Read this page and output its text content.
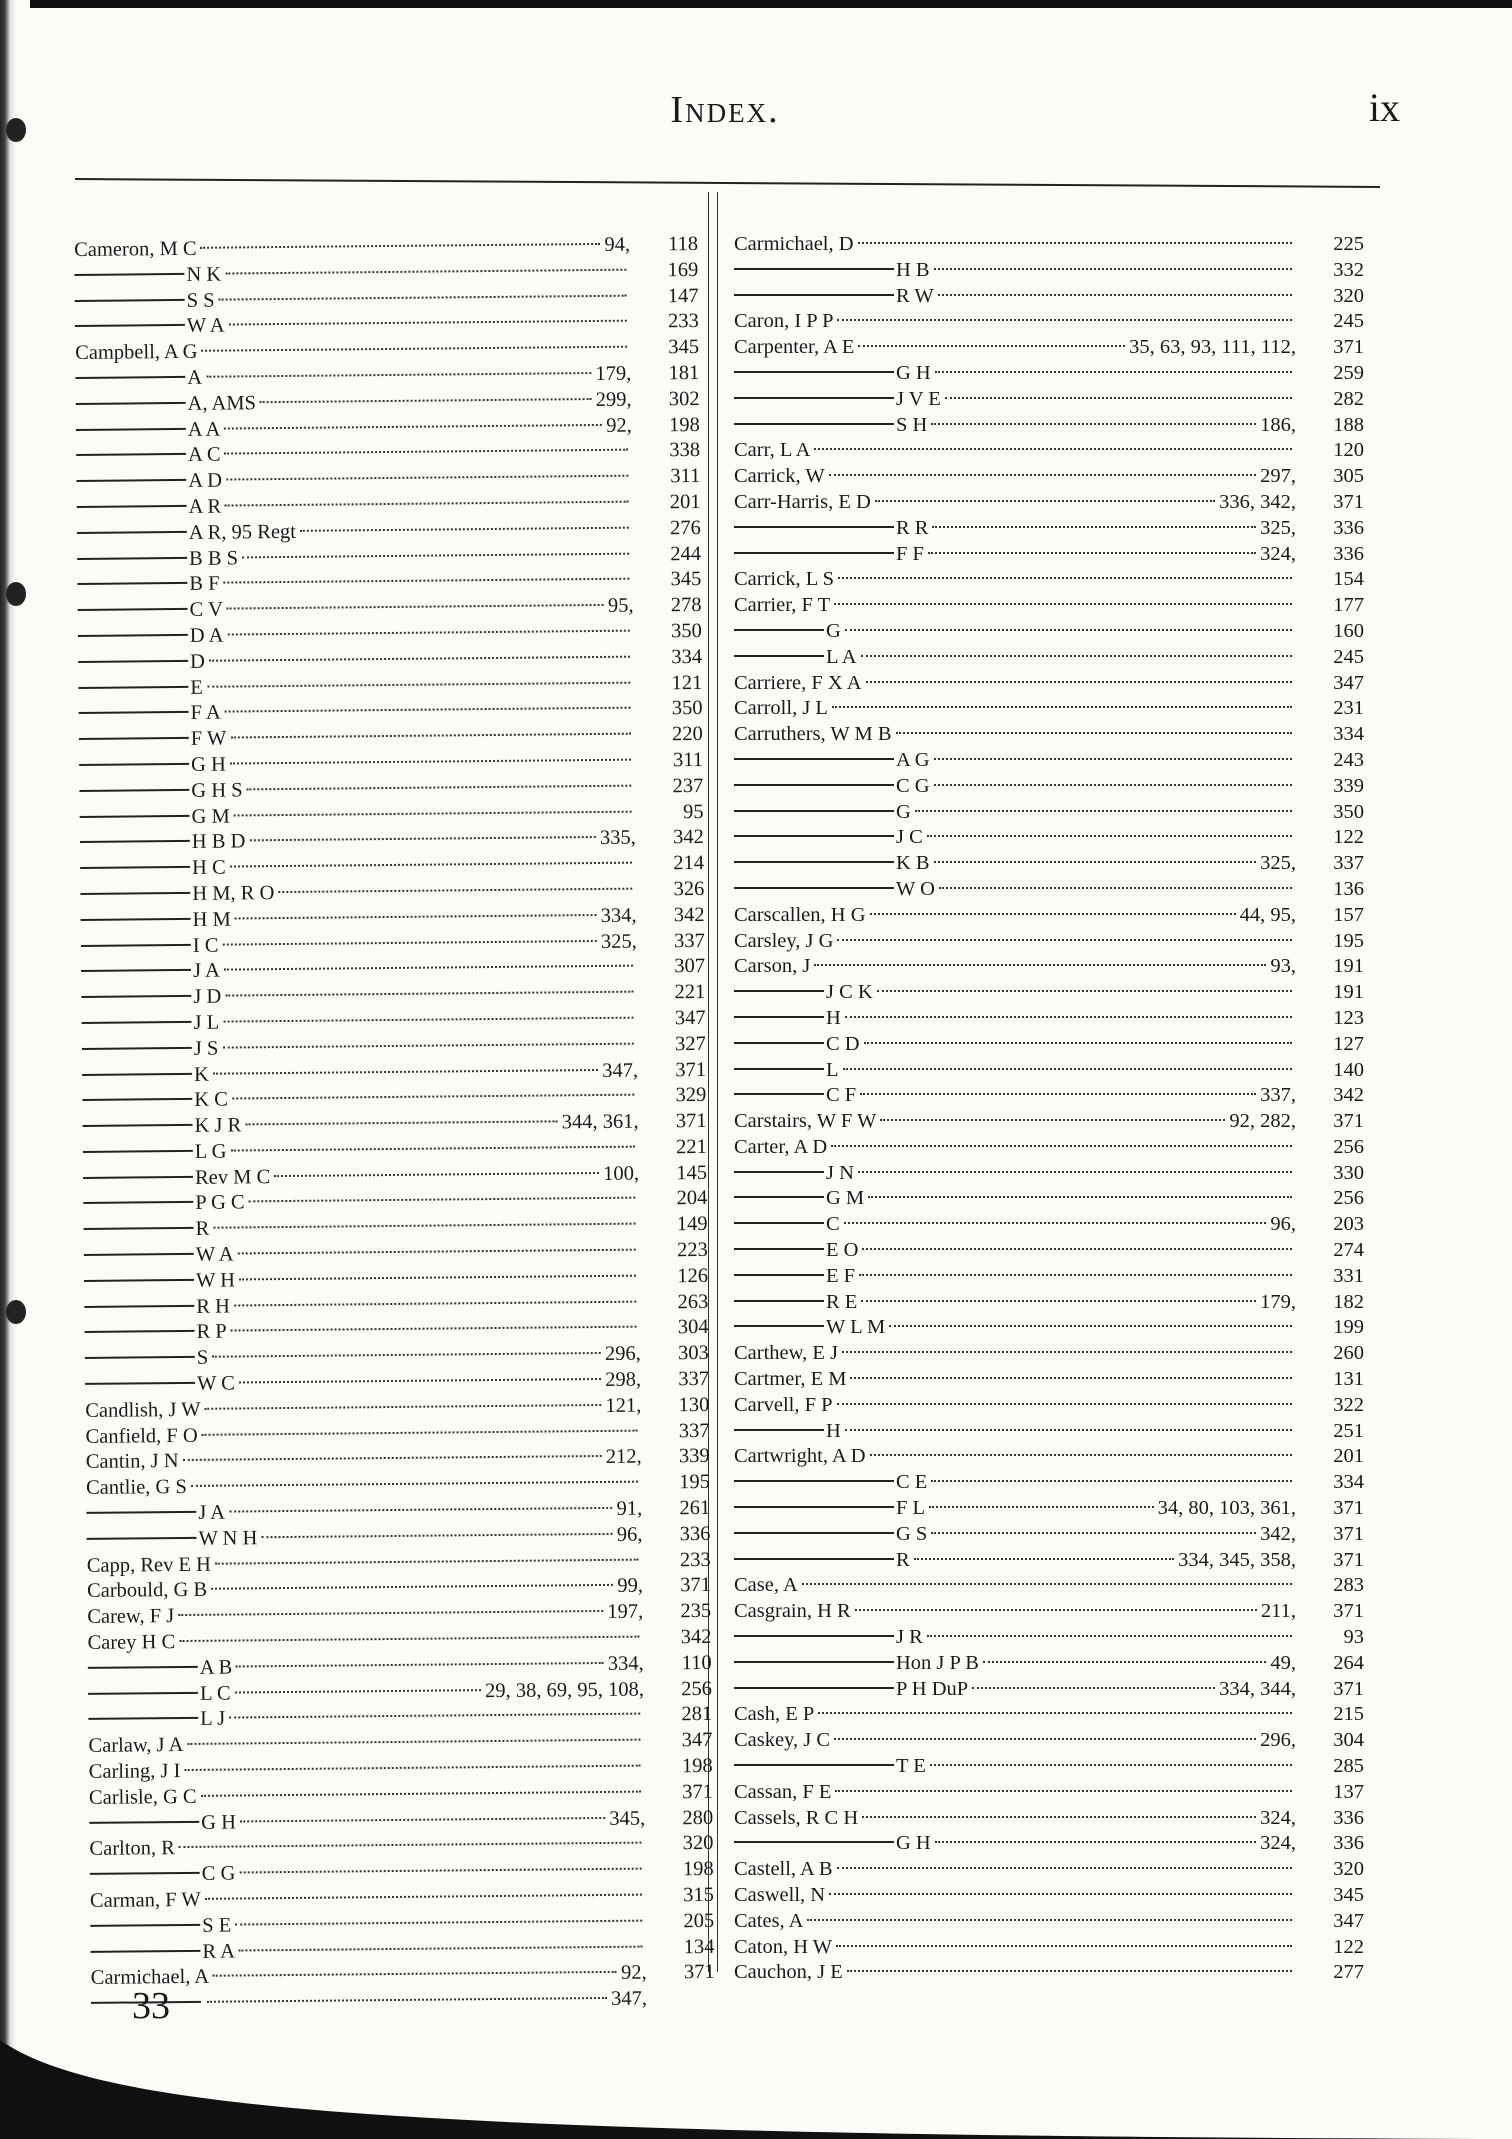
Index.	ix
Cameron, M C	94,	118
N K	169
S S	147
W A	233
Campbell, A G	345
A	179,	181
A, AMS	299,	302
A A	92,	198
A C	338
A D	311
A R	201
A R, 95 Regt	276
B B S	244
B F	345
C V	95,	278
D A	350
D	334
E	121
F A	350
F W	220
G H	311
G H S	237
G M	95
H B D	335,	342
H C	214
H M, R O	326
H M	334,	342
I C	325,	337
J A	307
J D	221
J L	347
J S	327
K	347,	371
K C	329
K J R	344, 361,	371
L G	221
Rev M C	100,	145
P G C	204
R	149
W A	223
W H	126
R H	263
R P	304
S	296,	303
W C	298,	337
Candlish, J W	121,	130
Canfield, F O	337
Cantin, J N	212,	339
Cantlie, G S	195
J A	91,	261
W N H	96,	336
Capp, Rev E H	233
Carbould, G B	99,	371
Carew, F J	197,	235
Carey H C	342
A B	334,	110
L C	29, 38, 69, 95, 108,	256
L J	281
Carlaw, J A	347
Carling, J I	198
Carlisle, G C	371
G H	345,	280
Carlton, R	320
C G	198
Carman, F W	315
S E	205
R A	134
Carmichael, A	92,	371
347,
Carmichael, D	225
H B	332
R W	320
Caron, I P P	245
Carpenter, A E	35, 63, 93, 111, 112,	371
G H	259
J V E	282
S H	186,	188
Carr, L A	120
Carrick, W	297,	305
Carr-Harris, E D	336, 342,	371
R R	325,	336
F F	324,	336
Carrick, L S	154
Carrier, F T	177
G	160
L A	245
Carriere, F X A	347
Carroll, J L	231
Carruthers, W M B	334
A G	243
C G	339
G	350
J C	122
K B	325,	337
W O	136
Carscallen, H G	44, 95,	157
Carsley, J G	195
Carson, J	93,	191
J C K	191
H	123
C D	127
L	140
C F	337,	342
Carstairs, W F W	92, 282,	371
Carter, A D	256
J N	330
G M	256
C	96,	203
E O	274
E F	331
R E	179,	182
W L M	199
Carthew, E J	260
Cartmer, E M	131
Carvell, F P	322
H	251
Cartwright, A D	201
C E	334
F L	34, 80, 103, 361,	371
G S	342,	371
R	334, 345, 358,	371
Case, A	283
Casgrain, H R	211,	371
J R	93
Hon J P B	49,	264
P H DuP	334, 344,	371
Cash, E P	215
Caskey, J C	296,	304
T E	285
Cassan, F E	137
Cassels, R C H	324,	336
G H	324,	336
Castell, A B	320
Caswell, N	345
Cates, A	347
Caton, H W	122
Cauchon, J E	277
33
